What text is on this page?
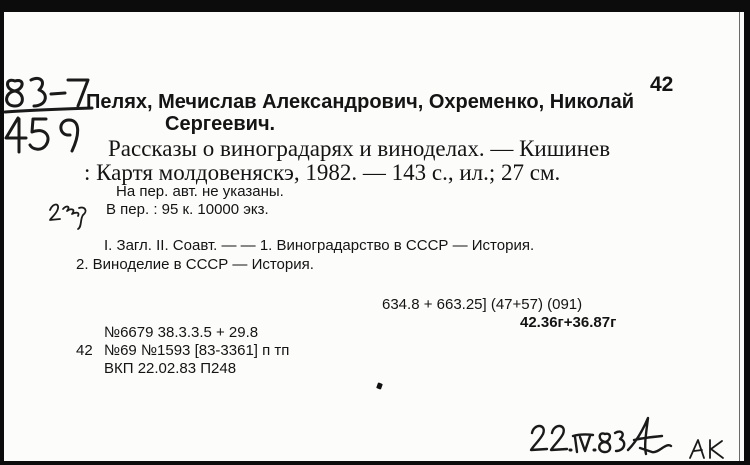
42
Пелях, Мечислав Александрович, Охременко, Николай
Сергеевич.
Рассказы о виноградарях и виноделах. — Кишинев
: Картя молдовеняскэ, 1982. — 143 с., ил.; 27 см.
На пер. авт. не указаны.
В пер. : 95 к. 10000 экз.
I. Загл. II. Соавт. — — 1. Виноградарство в СССР — История.
2. Виноделие в СССР — История.
634.8 + 663.25] (47+57) (091)
42.36г+36.87г
№6679 38.3.3.5 + 29.8
42 №69 №1593 [83-3361] п тп
ВКП 22.02.83 П248
